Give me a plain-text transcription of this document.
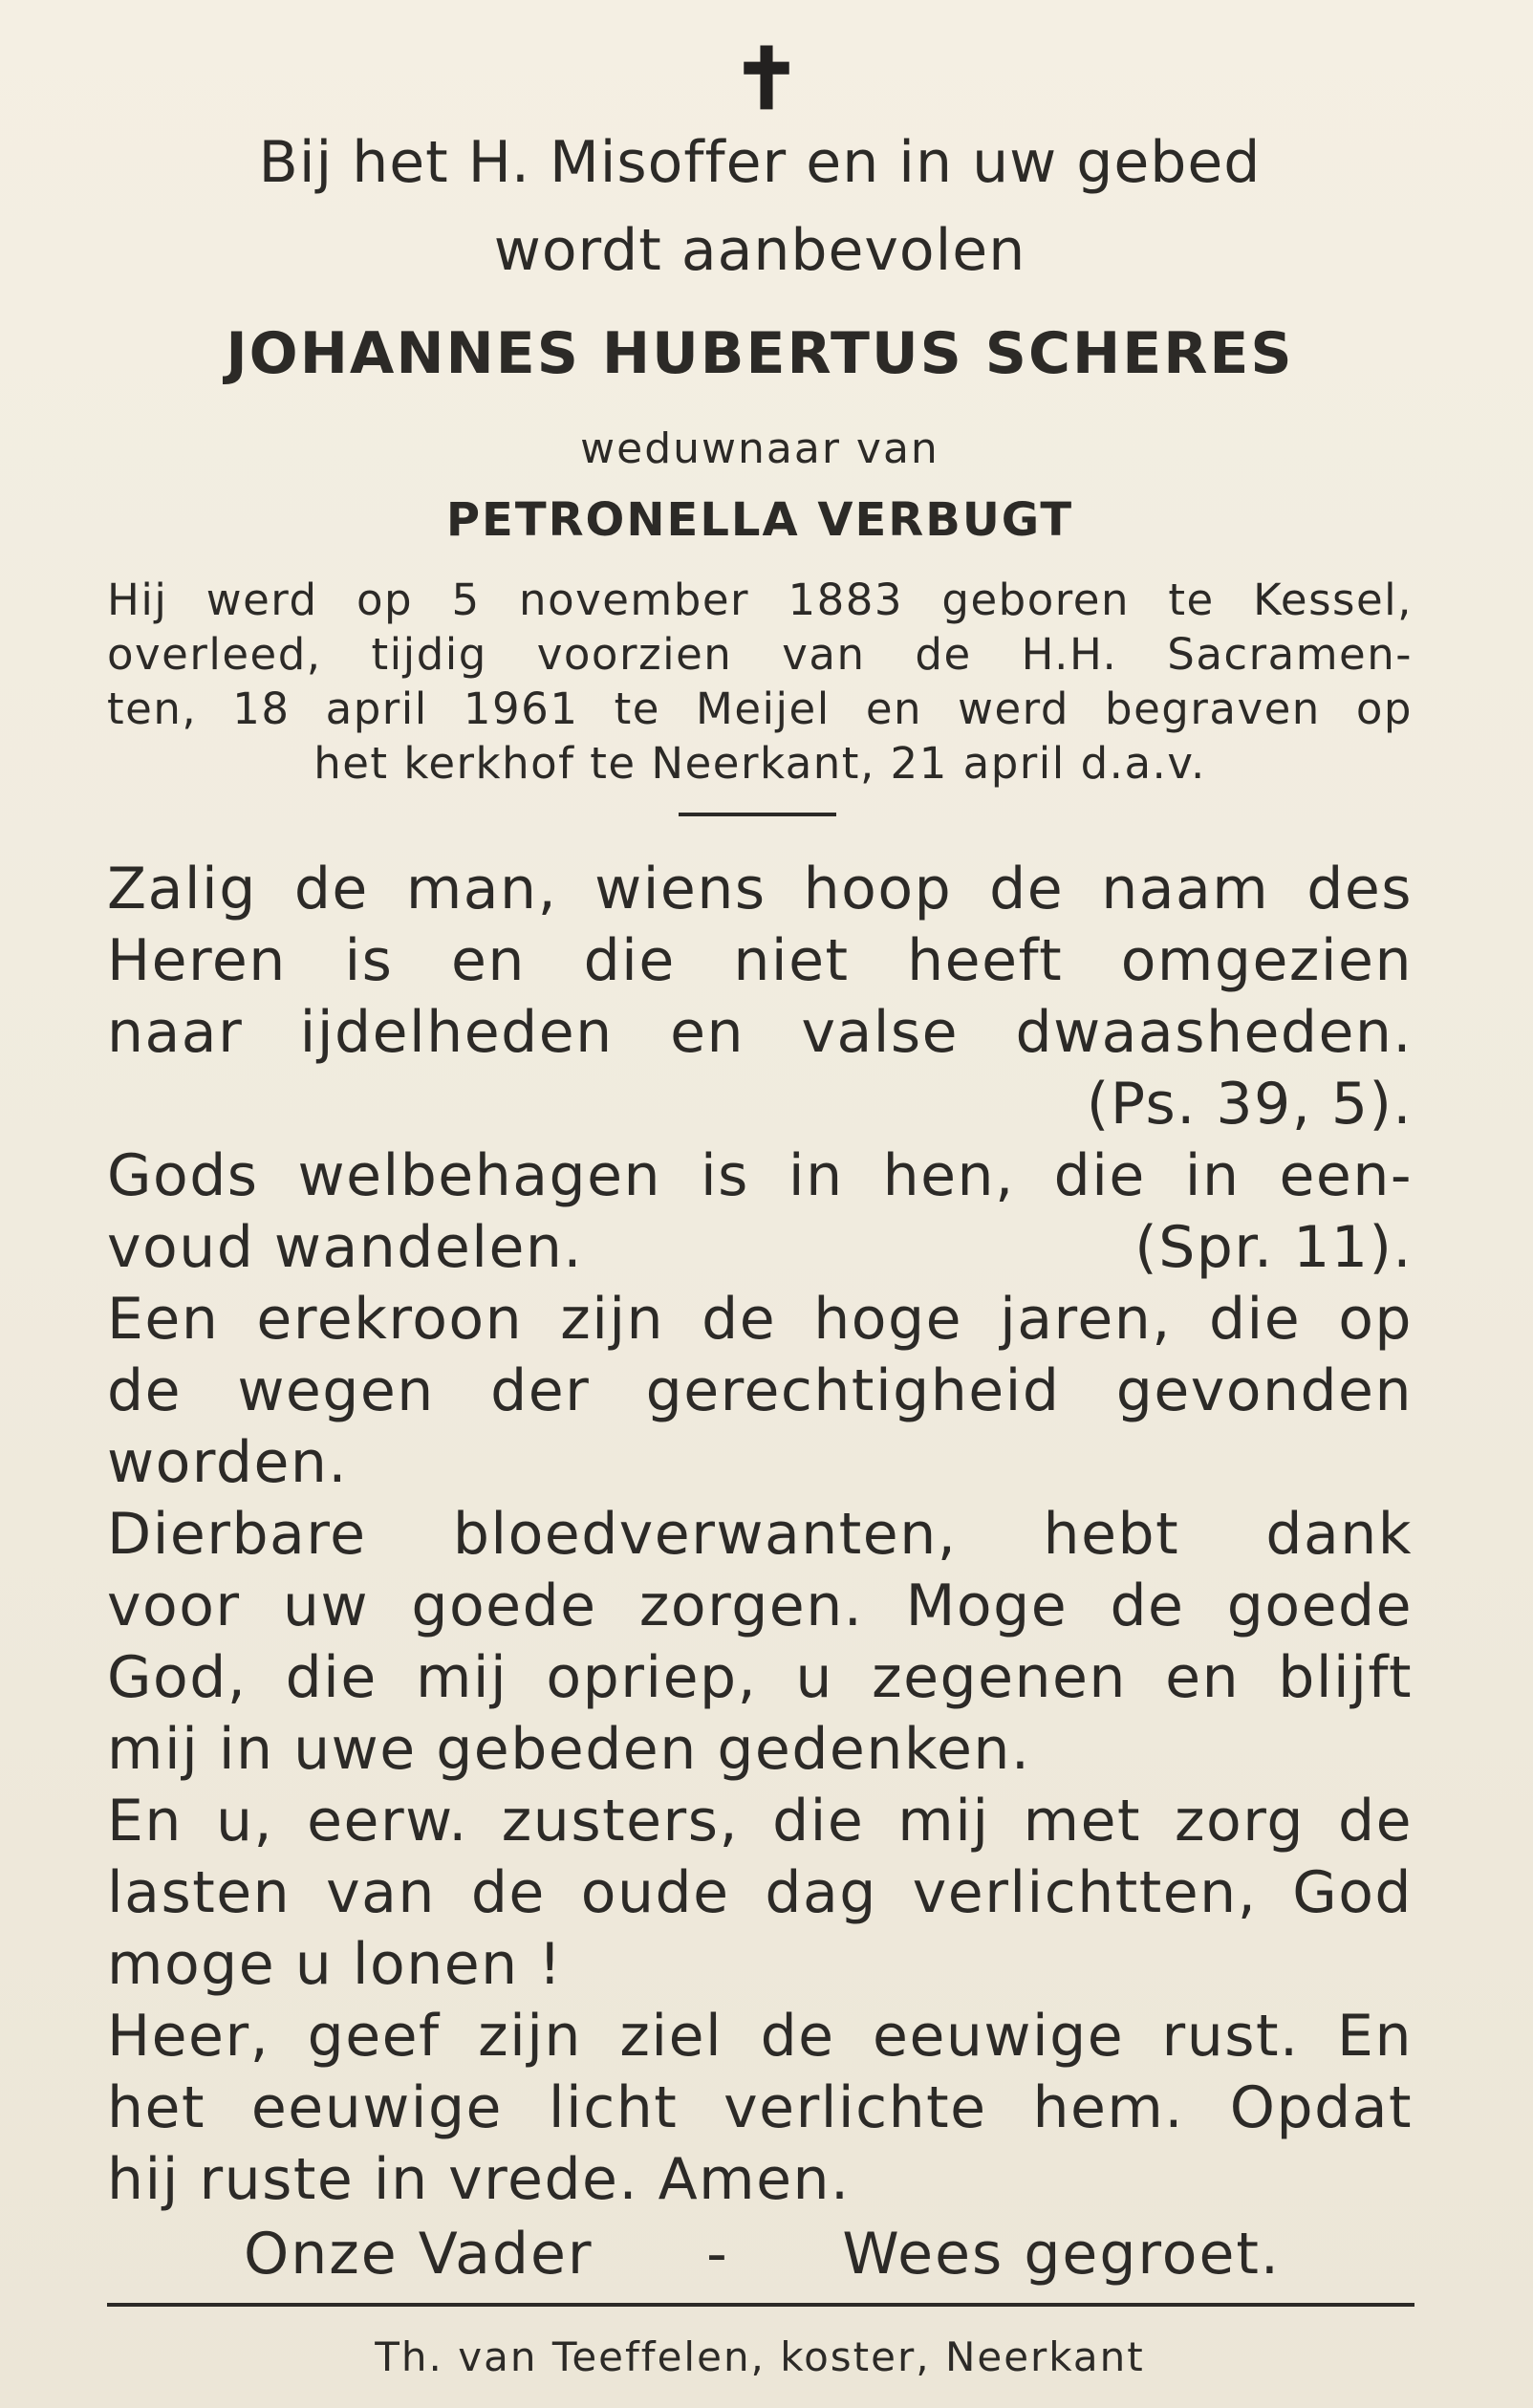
✝
Bij het H. Misoffer en in uw gebed
wordt aanbevolen
JOHANNES HUBERTUS SCHERES
weduwnaar van
PETRONELLA VERBUGT
Hij werd op 5 november 1883 geboren te Kessel,
overleed, tijdig voorzien van de H.H. Sacramen-
ten, 18 april 1961 te Meijel en werd begraven op
het kerkhof te Neerkant, 21 april d.a.v.
Zalig de man, wiens hoop de naam des
Heren is en die niet heeft omgezien
naar ijdelheden en valse dwaasheden.
(Ps. 39, 5).
Gods welbehagen is in hen, die in een-
voud wandelen.	(Spr. 11).
Een erekroon zijn de hoge jaren, die op
de wegen der gerechtigheid gevonden
worden.
Dierbare bloedverwanten, hebt dank
voor uw goede zorgen. Moge de goede
God, die mij opriep, u zegenen en blijft
mij in uwe gebeden gedenken.
En u, eerw. zusters, die mij met zorg de
lasten van de oude dag verlichtten, God
moge u lonen !
Heer, geef zijn ziel de eeuwige rust. En
het eeuwige licht verlichte hem. Opdat
hij ruste in vrede. Amen.
Onze Vader - Wees gegroet.
Th. van Teeffelen, koster, Neerkant
